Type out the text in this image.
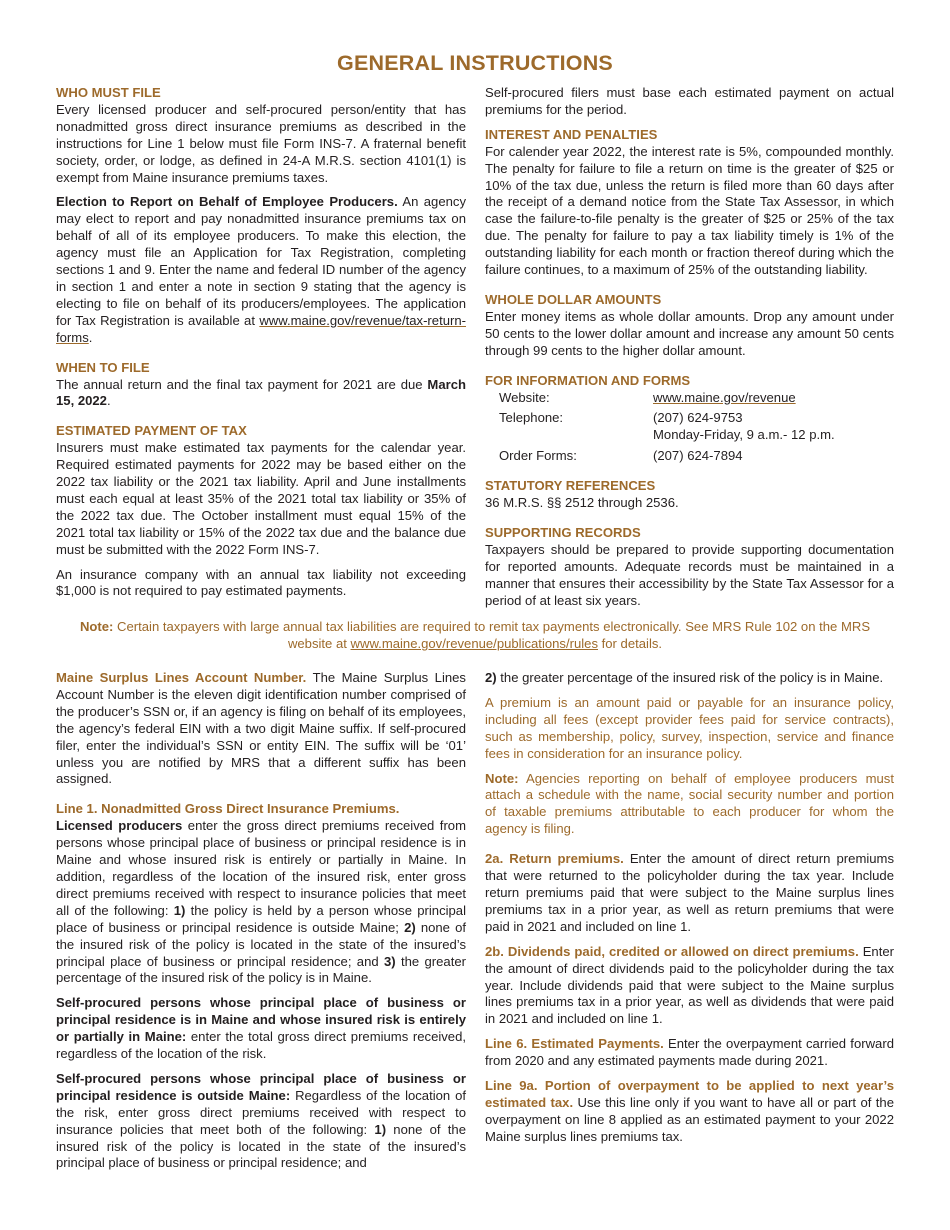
GENERAL INSTRUCTIONS
WHO MUST FILE

Every licensed producer and self-procured person/entity that has nonadmitted gross direct insurance premiums as described in the instructions for Line 1 below must file Form INS-7. A fraternal benefit society, order, or lodge, as defined in 24-A M.R.S. section 4101(1) is exempt from Maine insurance premiums taxes.

Election to Report on Behalf of Employee Producers. An agency may elect to report and pay nonadmitted insurance premiums tax on behalf of all of its employee producers. To make this election, the agency must file an Application for Tax Registration, completing sections 1 and 9. Enter the name and federal ID number of the agency in section 1 and enter a note in section 9 stating that the agency is electing to file on behalf of its producers/employees. The application for Tax Registration is available at www.maine.gov/revenue/tax-return-forms.

WHEN TO FILE

The annual return and the final tax payment for 2021 are due March 15, 2022.

ESTIMATED PAYMENT OF TAX

Insurers must make estimated tax payments for the calendar year. Required estimated payments for 2022 may be based either on the 2022 tax liability or the 2021 tax liability. April and June installments must each equal at least 35% of the 2021 total tax liability or 35% of the 2022 tax due. The October installment must equal 15% of the 2021 total tax liability or 15% of the 2022 tax due and the balance due must be submitted with the 2022 Form INS-7.

An insurance company with an annual tax liability not exceeding $1,000 is not required to pay estimated payments.

Self-procured filers must base each estimated payment on actual premiums for the period.

INTEREST AND PENALTIES

For calender year 2022, the interest rate is 5%, compounded monthly. The penalty for failure to file a return on time is the greater of $25 or 10% of the tax due, unless the return is filed more than 60 days after the receipt of a demand notice from the State Tax Assessor, in which case the failure-to-file penalty is the greater of $25 or 25% of the tax due. The penalty for failure to pay a tax liability timely is 1% of the outstanding liability for each month or fraction thereof during which the failure continues, to a maximum of 25% of the outstanding liability.

WHOLE DOLLAR AMOUNTS

Enter money items as whole dollar amounts. Drop any amount under 50 cents to the lower dollar amount and increase any amount 50 cents through 99 cents to the higher dollar amount.

FOR INFORMATION AND FORMS
Website:	www.maine.gov/revenue
Telephone:	(207) 624-9753
Monday-Friday, 9 a.m.- 12 p.m.
Order Forms:	(207) 624-7894
STATUTORY REFERENCES

36 M.R.S. §§ 2512 through 2536.

SUPPORTING RECORDS

Taxpayers should be prepared to provide supporting documentation for reported amounts. Adequate records must be maintained in a manner that ensures their accessibility by the State Tax Assessor for a period of at least six years.

Note: Certain taxpayers with large annual tax liabilities are required to remit tax payments electronically. See MRS Rule 102 on the MRS website at www.maine.gov/revenue/publications/rules for details.

Maine Surplus Lines Account Number. The Maine Surplus Lines Account Number is the eleven digit identification number comprised of the producer’s SSN or, if an agency is filing on behalf of its employees, the agency’s federal EIN with a two digit Maine suffix. If self-procured filer, enter the individual’s SSN or entity EIN. The suffix will be ‘01’ unless you are notified by MRS that a different suffix has been assigned.

Line 1. Nonadmitted Gross Direct Insurance Premiums.

Licensed producers enter the gross direct premiums received from persons whose principal place of business or principal residence is in Maine and whose insured risk is entirely or partially in Maine. In addition, regardless of the location of the insured risk, enter gross direct premiums received with respect to insurance policies that meet all of the following: 1) the policy is held by a person whose principal place of business or principal residence is outside Maine; 2) none of the insured risk of the policy is located in the state of the insured’s principal place of business or principal residence; and 3) the greater percentage of the insured risk of the policy is in Maine.

Self-procured persons whose principal place of business or principal residence is in Maine and whose insured risk is entirely or partially in Maine: enter the total gross direct premiums received, regardless of the location of the risk.

Self-procured persons whose principal place of business or principal residence is outside Maine: Regardless of the location of the risk, enter gross direct premiums received with respect to insurance policies that meet both of the following: 1) none of the insured risk of the policy is located in the state of the insured’s principal place of business or principal residence; and

2) the greater percentage of the insured risk of the policy is in Maine.

A premium is an amount paid or payable for an insurance policy, including all fees (except provider fees paid for service contracts), such as membership, policy, survey, inspection, service and finance fees in consideration for an insurance policy.

Note: Agencies reporting on behalf of employee producers must attach a schedule with the name, social security number and portion of taxable premiums attributable to each producer for whom the agency is filing.

2a. Return premiums. Enter the amount of direct return premiums that were returned to the policyholder during the tax year. Include return premiums paid that were subject to the Maine surplus lines premiums tax in a prior year, as well as return premiums that were paid in 2021 and included on line 1.

2b. Dividends paid, credited or allowed on direct premiums. Enter the amount of direct dividends paid to the policyholder during the tax year. Include dividends paid that were subject to the Maine surplus lines premiums tax in a prior year, as well as dividends that were paid in 2021 and included on line 1.

Line 6. Estimated Payments. Enter the overpayment carried forward from 2020 and any estimated payments made during 2021.

Line 9a. Portion of overpayment to be applied to next year’s estimated tax. Use this line only if you want to have all or part of the overpayment on line 8 applied as an estimated payment to your 2022 Maine surplus lines premiums tax.
